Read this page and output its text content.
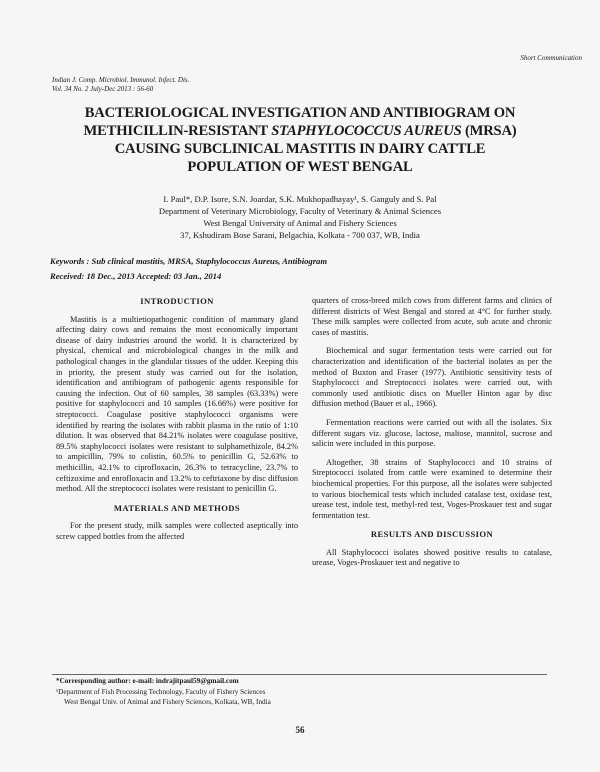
Short Communication
Indian J. Comp. Microbiol. Immunol. Infect. Dis.
Vol. 34 No. 2 July-Dec 2013 : 56-60
BACTERIOLOGICAL INVESTIGATION AND ANTIBIOGRAM ON
METHICILLIN-RESISTANT STAPHYLOCOCCUS AUREUS (MRSA)
CAUSING SUBCLINICAL MASTITIS IN DAIRY CATTLE
POPULATION OF WEST BENGAL
I. Paul*, D.P. Isore, S.N. Joardar, S.K. Mukhopadhayay¹, S. Ganguly and S. Pal
Department of Veterinary Microbiology, Faculty of Veterinary & Animal Sciences
West Bengal University of Animal and Fishery Sciences
37, Kshudiram Bose Sarani, Belgachia, Kolkata - 700 037, WB, India
Keywords : Sub clinical mastitis, MRSA, Staphylococcus Aureus, Antibiogram
Received: 18 Dec., 2013 Accepted: 03 Jan., 2014
INTRODUCTION

Mastitis is a multietiopathogenic condition of mammary gland affecting dairy cows and remains the most economically important disease of dairy industries around the world. It is characterized by physical, chemical and microbiological changes in the milk and pathological changes in the glandular tissues of the udder. Keeping this in priority, the present study was carried out for the isolation, identification and antibiogram of pathogenic agents responsible for causing the infection. Out of 60 samples, 38 samples (63.33%) were positive for staphylococci and 10 samples (16.66%) were positive for streptococci. Coagulase positive staphylococci organisms were identified by rearing the isolates with rabbit plasma in the ratio of 1:10 dilution. It was observed that 84.21% isolates were coagulase positive, 89.5% staphylococci isolates were resistant to sulphamethizole, 84.2% to ampicillin, 79% to colistin, 60.5% to penicillin G, 52.63% to methicillin, 42.1% to ciprofloxacin, 26.3% to tetracycline, 23.7% to ceftizoxime and enrofloxacin and 13.2% to ceftriaxone by disc diffusion method. All the streptococci isolates were resistant to penicillin G.

MATERIALS AND METHODS

For the present study, milk samples were collected aseptically into screw capped bottles from the affected

quarters of cross-breed milch cows from different farms and clinics of different districts of West Bengal and stored at 4°C for further study. These milk samples were collected from acute, sub acute and chronic cases of mastitis.

Biochemical and sugar fermentation tests were carried out for characterization and identification of the bacterial isolates as per the method of Buxton and Fraser (1977). Antibiotic sensitivity tests of Staphylococci and Streptococci isolates were carried out, with commonly used antibiotic discs on Mueller Hinton agar by disc diffusion method (Bauer et al., 1966).

Fermentation reactions were carried out with all the isolates. Six different sugars viz. glucose, lactose, maltose, mannitol, sucrose and salicin were included in this purpose.

Altogether, 38 strains of Staphylococci and 10 strains of Streptococci isolated from cattle were examined to determine their biochemical properties. For this purpose, all the isolates were subjected to various biochemical tests which included catalase test, oxidase test, urease test, indole test, methyl-red test, Voges-Proskauer test and sugar fermentation test.

RESULTS AND DISCUSSION

All Staphylococci isolates showed positive results to catalase, urease, Voges-Proskauer test and negative to

*Corresponding author: e-mail: indrajitpaul59@gmail.com
¹Department of Fish Processing Technology, Faculty of Fishery Sciences
West Bengal Univ. of Animal and Fishery Sciences, Kolkata, WB, India
56
